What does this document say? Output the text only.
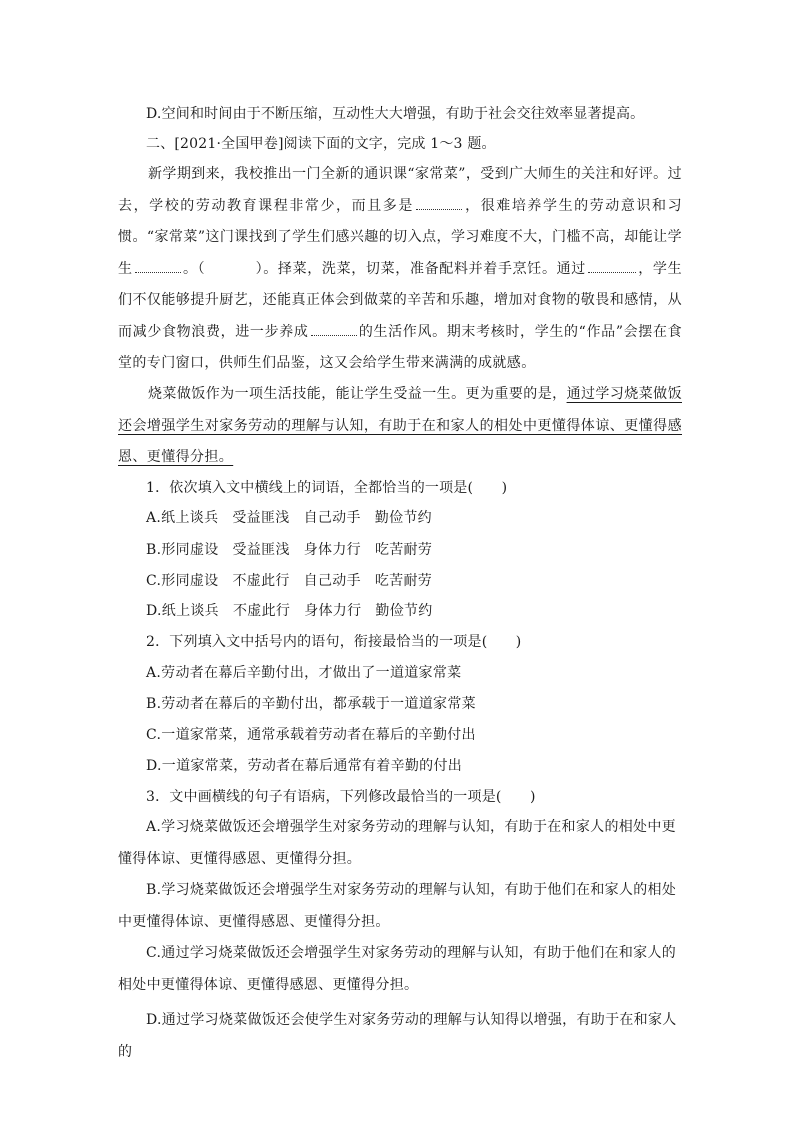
D.空间和时间由于不断压缩，互动性大大增强，有助于社会交往效率显著提高。
二、[2021·全国甲卷]阅读下面的文字，完成 1～3 题。
新学期到来，我校推出一门全新的通识课“家常菜”，受到广大师生的关注和好评。过去，学校的劳动教育课程非常少，而且多是	，很难培养学生的劳动意识和习惯。“家常菜”这门课找到了学生们感兴趣的切入点，学习难度不大，门槛不高，却能让学生	。（	）。择菜，洗菜，切菜，准备配料并着手烹饪。通过	，学生们不仅能够提升厨艺，还能真正体会到做菜的辛苦和乐趣，增加对食物的敬畏和感情，从而减少食物浪费，进一步养成	的生活作风。期末考核时，学生的“作品”会摆在食堂的专门窗口，供师生们品鉴，这又会给学生带来满满的成就感。
烧菜做饭作为一项生活技能，能让学生受益一生。更为重要的是，通过学习烧菜做饭还会增强学生对家务劳动的理解与认知，有助于在和家人的相处中更懂得体谅、更懂得感恩、更懂得分担。
1．依次填入文中横线上的词语，全都恰当的一项是(　　)
A.纸上谈兵 受益匪浅 自己动手 勤俭节约
B.形同虚设 受益匪浅 身体力行 吃苦耐劳
C.形同虚设 不虚此行 自己动手 吃苦耐劳
D.纸上谈兵 不虚此行 身体力行 勤俭节约
2．下列填入文中括号内的语句，衔接最恰当的一项是(　　)
A.劳动者在幕后辛勤付出，才做出了一道道家常菜
B.劳动者在幕后的辛勤付出，都承载于一道道家常菜
C.一道家常菜，通常承载着劳动者在幕后的辛勤付出
D.一道家常菜，劳动者在幕后通常有着辛勤的付出
3．文中画横线的句子有语病，下列修改最恰当的一项是(　　)
A.学习烧菜做饭还会增强学生对家务劳动的理解与认知，有助于在和家人的相处中更懂得体谅、更懂得感恩、更懂得分担。
B.学习烧菜做饭还会增强学生对家务劳动的理解与认知，有助于他们在和家人的相处中更懂得体谅、更懂得感恩、更懂得分担。
C.通过学习烧菜做饭还会增强学生对家务劳动的理解与认知，有助于他们在和家人的相处中更懂得体谅、更懂得感恩、更懂得分担。
D.通过学习烧菜做饭还会使学生对家务劳动的理解与认知得以增强，有助于在和家人的
